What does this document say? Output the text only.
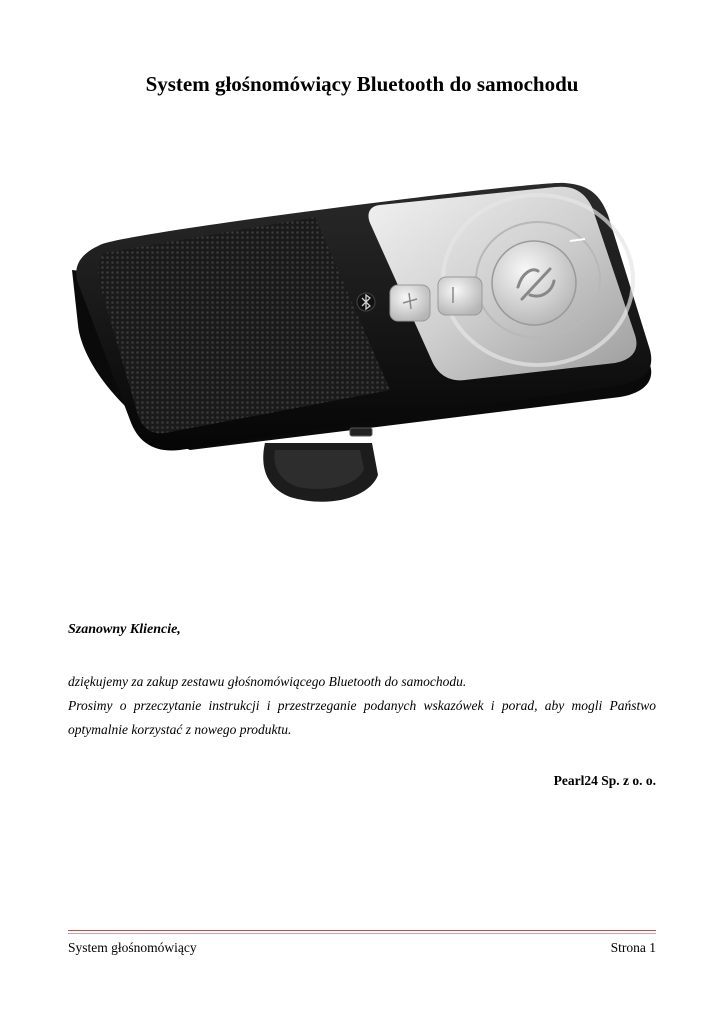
System głośnomówiący Bluetooth do samochodu
Szanowny Kliencie,

dziękujemy za zakup zestawu głośnomówiącego Bluetooth do samochodu.

Prosimy o przeczytanie instrukcji i przestrzeganie podanych wskazówek i porad, aby mogli Państwo optymalnie korzystać z nowego produktu.

Pearl24 Sp. z o. o.
System głośnomówiący	Strona 1
